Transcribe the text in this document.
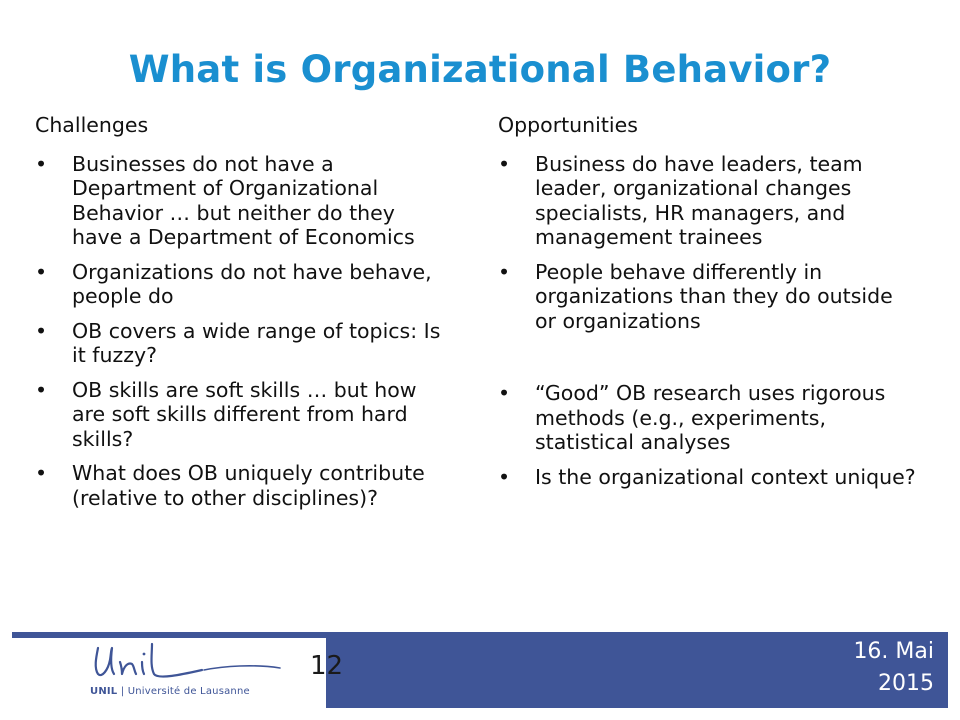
What is Organizational Behavior?
Challenges
• Businesses do not have a Department of Organizational Behavior … but neither do they have a Department of Economics
• Organizations do not have behave, people do
• OB covers a wide range of topics: Is it fuzzy?
• OB skills are soft skills … but how are soft skills different from hard skills?
• What does OB uniquely contribute (relative to other disciplines)?
Opportunities
• Business do have leaders, team leader, organizational changes specialists, HR managers, and management trainees
• People behave differently in organizations than they do outside or organizations
• “Good” OB research uses rigorous methods (e.g., experiments, statistical analyses
• Is the organizational context unique?
UNIL | Université de Lausanne
12	16. Mai
2015
